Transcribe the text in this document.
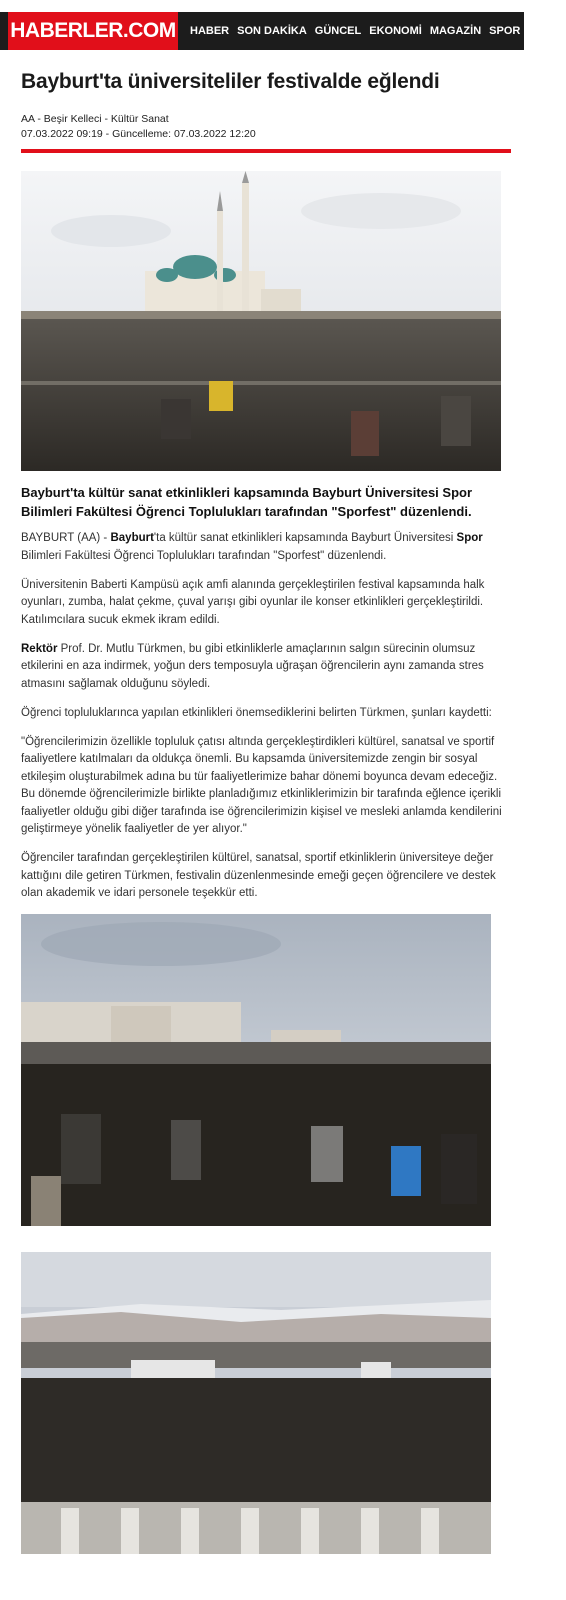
HABERLER.COM HABER SON DAKİKA GÜNCEL EKONOMİ MAGAZİN SPOR DÜNYA
Bayburt'ta üniversiteliler festivalde eğlendi
AA - Beşir Kelleci - Kültür Sanat
07.03.2022 09:19 - Güncelleme: 07.03.2022 12:20
Bayburt'ta kültür sanat etkinlikleri kapsamında Bayburt Üniversitesi Spor Bilimleri Fakültesi Öğrenci Toplulukları tarafından "Sporfest" düzenlendi.

BAYBURT (AA) - Bayburt'ta kültür sanat etkinlikleri kapsamında Bayburt Üniversitesi Spor Bilimleri Fakültesi Öğrenci Toplulukları tarafından "Sporfest" düzenlendi.

Üniversitenin Baberti Kampüsü açık amfi alanında gerçekleştirilen festival kapsamında halk oyunları, zumba, halat çekme, çuval yarışı gibi oyunlar ile konser etkinlikleri gerçekleştirildi. Katılımcılara sucuk ekmek ikram edildi.

Rektör Prof. Dr. Mutlu Türkmen, bu gibi etkinliklerle amaçlarının salgın sürecinin olumsuz etkilerini en aza indirmek, yoğun ders temposuyla uğraşan öğrencilerin aynı zamanda stres atmasını sağlamak olduğunu söyledi.

Öğrenci topluluklarınca yapılan etkinlikleri önemsediklerini belirten Türkmen, şunları kaydetti:

"Öğrencilerimizin özellikle topluluk çatısı altında gerçekleştirdikleri kültürel, sanatsal ve sportif faaliyetlere katılmaları da oldukça önemli. Bu kapsamda üniversitemizde zengin bir sosyal etkileşim oluşturabilmek adına bu tür faaliyetlerimize bahar dönemi boyunca devam edeceğiz. Bu dönemde öğrencilerimizle birlikte planladığımız etkinliklerimizin bir tarafında eğlence içerikli faaliyetler olduğu gibi diğer tarafında ise öğrencilerimizin kişisel ve mesleki anlamda kendilerini geliştirmeye yönelik faaliyetler de yer alıyor."

Öğrenciler tarafından gerçekleştirilen kültürel, sanatsal, sportif etkinliklerin üniversiteye değer kattığını dile getiren Türkmen, festivalin düzenlenmesinde emeği geçen öğrencilere ve destek olan akademik ve idari personele teşekkür etti.
